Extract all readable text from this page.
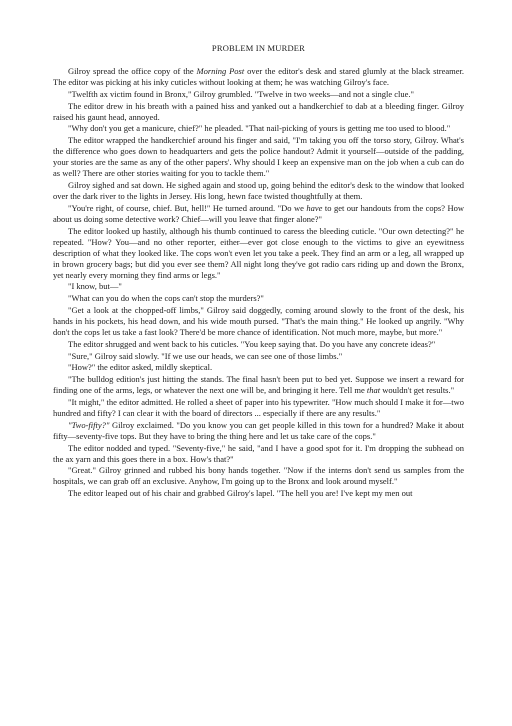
PROBLEM IN MURDER

Gilroy spread the office copy of the Morning Post over the editor's desk and stared glumly at the black streamer. The editor was picking at his inky cuticles without looking at them; he was watching Gilroy's face.

"Twelfth ax victim found in Bronx," Gilroy grumbled. "Twelve in two weeks—and not a single clue."

The editor drew in his breath with a pained hiss and yanked out a handkerchief to dab at a bleeding finger. Gilroy raised his gaunt head, annoyed.

"Why don't you get a manicure, chief?" he pleaded. "That nail-picking of yours is getting me too used to blood."

The editor wrapped the handkerchief around his finger and said, "I'm taking you off the torso story, Gilroy. What's the difference who goes down to headquarters and gets the police handout? Admit it yourself—outside of the padding, your stories are the same as any of the other papers'. Why should I keep an expensive man on the job when a cub can do as well? There are other stories waiting for you to tackle them."

Gilroy sighed and sat down. He sighed again and stood up, going behind the editor's desk to the window that looked over the dark river to the lights in Jersey. His long, hewn face twisted thoughtfully at them.

"You're right, of course, chief. But, hell!" He turned around. "Do we have to get our handouts from the cops? How about us doing some detective work? Chief—will you leave that finger alone?"

The editor looked up hastily, although his thumb continued to caress the bleeding cuticle. "Our own detecting?" he repeated. "How? You—and no other reporter, either—ever got close enough to the victims to give an eyewitness description of what they looked like. The cops won't even let you take a peek. They find an arm or a leg, all wrapped up in brown grocery bags; but did you ever see them? All night long they've got radio cars riding up and down the Bronx, yet nearly every morning they find arms or legs."

"I know, but—"

"What can you do when the cops can't stop the murders?"

"Get a look at the chopped-off limbs," Gilroy said doggedly, coming around slowly to the front of the desk, his hands in his pockets, his head down, and his wide mouth pursed. "That's the main thing." He looked up angrily. "Why don't the cops let us take a fast look? There'd be more chance of identification. Not much more, maybe, but more."

The editor shrugged and went back to his cuticles. "You keep saying that. Do you have any concrete ideas?"

"Sure," Gilroy said slowly. "If we use our heads, we can see one of those limbs."

"How?" the editor asked, mildly skeptical.

"The bulldog edition's just hitting the stands. The final hasn't been put to bed yet. Suppose we insert a reward for finding one of the arms, legs, or whatever the next one will be, and bringing it here. Tell me that wouldn't get results."

"It might," the editor admitted. He rolled a sheet of paper into his typewriter. "How much should I make it for—two hundred and fifty? I can clear it with the board of directors ... especially if there are any results."

"Two-fifty?" Gilroy exclaimed. "Do you know you can get people killed in this town for a hundred? Make it about fifty—seventy-five tops. But they have to bring the thing here and let us take care of the cops."

The editor nodded and typed. "Seventy-five," he said, "and I have a good spot for it. I'm dropping the subhead on the ax yarn and this goes there in a box. How's that?"

"Great." Gilroy grinned and rubbed his bony hands together. "Now if the interns don't send us samples from the hospitals, we can grab off an exclusive. Anyhow, I'm going up to the Bronx and look around myself."

The editor leaped out of his chair and grabbed Gilroy's lapel. "The hell you are! I've kept my men out
